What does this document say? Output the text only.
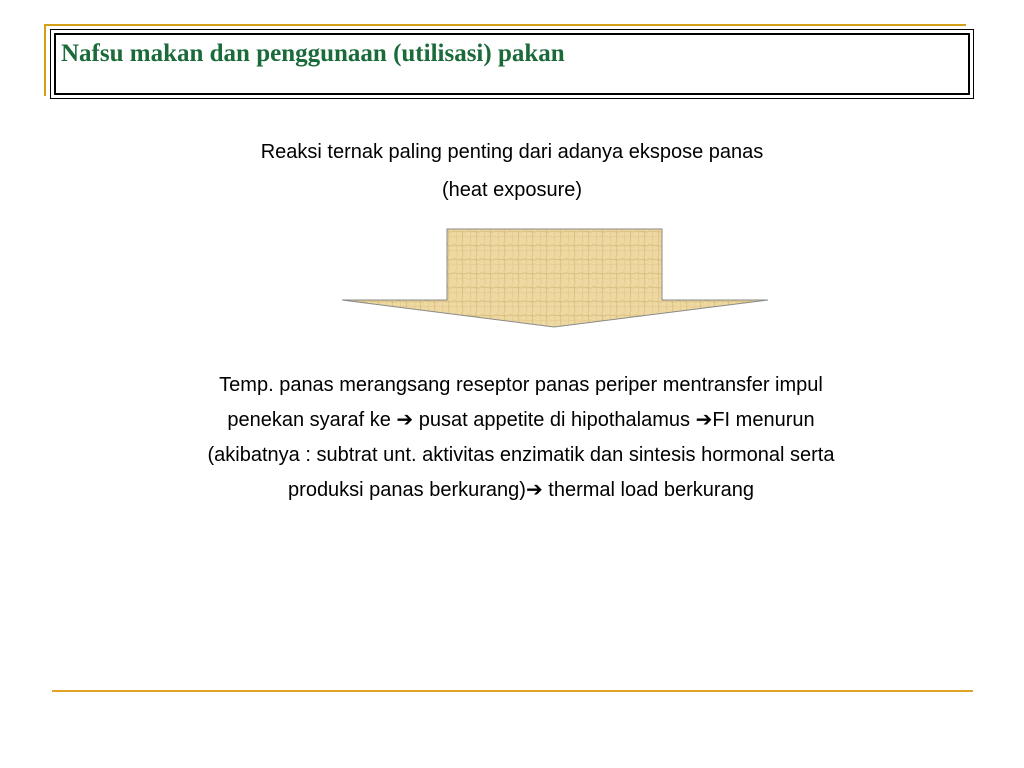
Nafsu makan dan penggunaan (utilisasi) pakan
Reaksi ternak paling penting dari adanya ekspose panas
(heat exposure)
Temp. panas merangsang reseptor panas periper mentransfer impul
penekan syaraf ke ➔ pusat appetite di hipothalamus ➔FI menurun
(akibatnya : subtrat unt. aktivitas enzimatik dan sintesis hormonal serta
produksi panas berkurang)➔ thermal load berkurang
